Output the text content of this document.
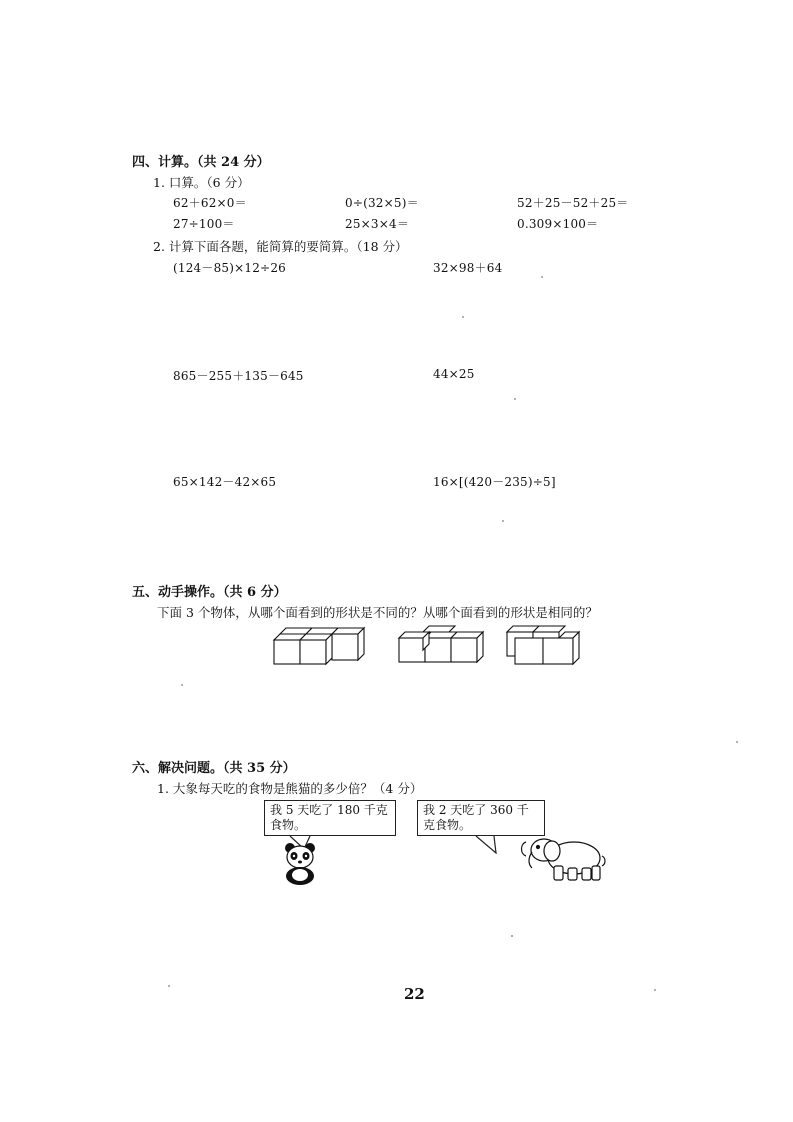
四、计算。（共 24 分）
1. 口算。（6 分）
62＋62×0＝	0÷(32×5)＝	52＋25－52＋25＝
27÷100＝	25×3×4＝	0.309×100＝
2. 计算下面各题，能简算的要简算。（18 分）
(124－85)×12÷26	32×98＋64
865－255＋135－645	44×25
65×142－42×65	16×[(420－235)÷5]
五、动手操作。（共 6 分）
下面 3 个物体，从哪个面看到的形状是不同的？从哪个面看到的形状是相同的？
六、解决问题。（共 35 分）
1. 大象每天吃的食物是熊猫的多少倍？（4 分）
我 5 天吃了 180 千克食物。
我 2 天吃了 360 千克食物。
22
